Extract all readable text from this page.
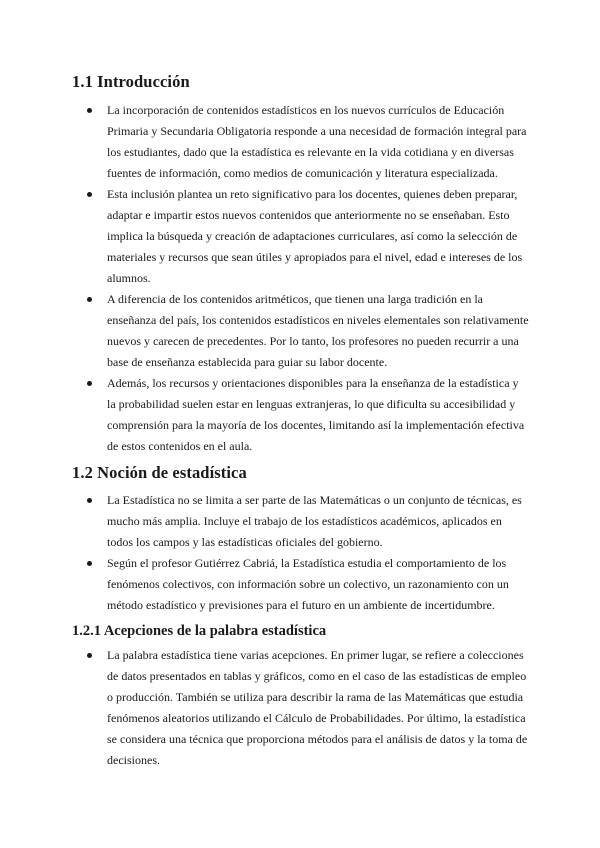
1.1 Introducción
La incorporación de contenidos estadísticos en los nuevos currículos de Educación Primaria y Secundaria Obligatoria responde a una necesidad de formación integral para los estudiantes, dado que la estadística es relevante en la vida cotidiana y en diversas fuentes de información, como medios de comunicación y literatura especializada.
Esta inclusión plantea un reto significativo para los docentes, quienes deben preparar, adaptar e impartir estos nuevos contenidos que anteriormente no se enseñaban. Esto implica la búsqueda y creación de adaptaciones curriculares, así como la selección de materiales y recursos que sean útiles y apropiados para el nivel, edad e intereses de los alumnos.
A diferencia de los contenidos aritméticos, que tienen una larga tradición en la enseñanza del país, los contenidos estadísticos en niveles elementales son relativamente nuevos y carecen de precedentes. Por lo tanto, los profesores no pueden recurrir a una base de enseñanza establecida para guiar su labor docente.
Además, los recursos y orientaciones disponibles para la enseñanza de la estadística y la probabilidad suelen estar en lenguas extranjeras, lo que dificulta su accesibilidad y comprensión para la mayoría de los docentes, limitando así la implementación efectiva de estos contenidos en el aula.
1.2 Noción de estadística
La Estadística no se limita a ser parte de las Matemáticas o un conjunto de técnicas, es mucho más amplia. Incluye el trabajo de los estadísticos académicos, aplicados en todos los campos y las estadísticas oficiales del gobierno.
Según el profesor Gutiérrez Cabriá, la Estadística estudia el comportamiento de los fenómenos colectivos, con información sobre un colectivo, un razonamiento con un método estadístico y previsiones para el futuro en un ambiente de incertidumbre.
1.2.1 Acepciones de la palabra estadística
La palabra estadística tiene varias acepciones. En primer lugar, se refiere a colecciones de datos presentados en tablas y gráficos, como en el caso de las estadísticas de empleo o producción. También se utiliza para describir la rama de las Matemáticas que estudia fenómenos aleatorios utilizando el Cálculo de Probabilidades. Por último, la estadística se considera una técnica que proporciona métodos para el análisis de datos y la toma de decisiones.
